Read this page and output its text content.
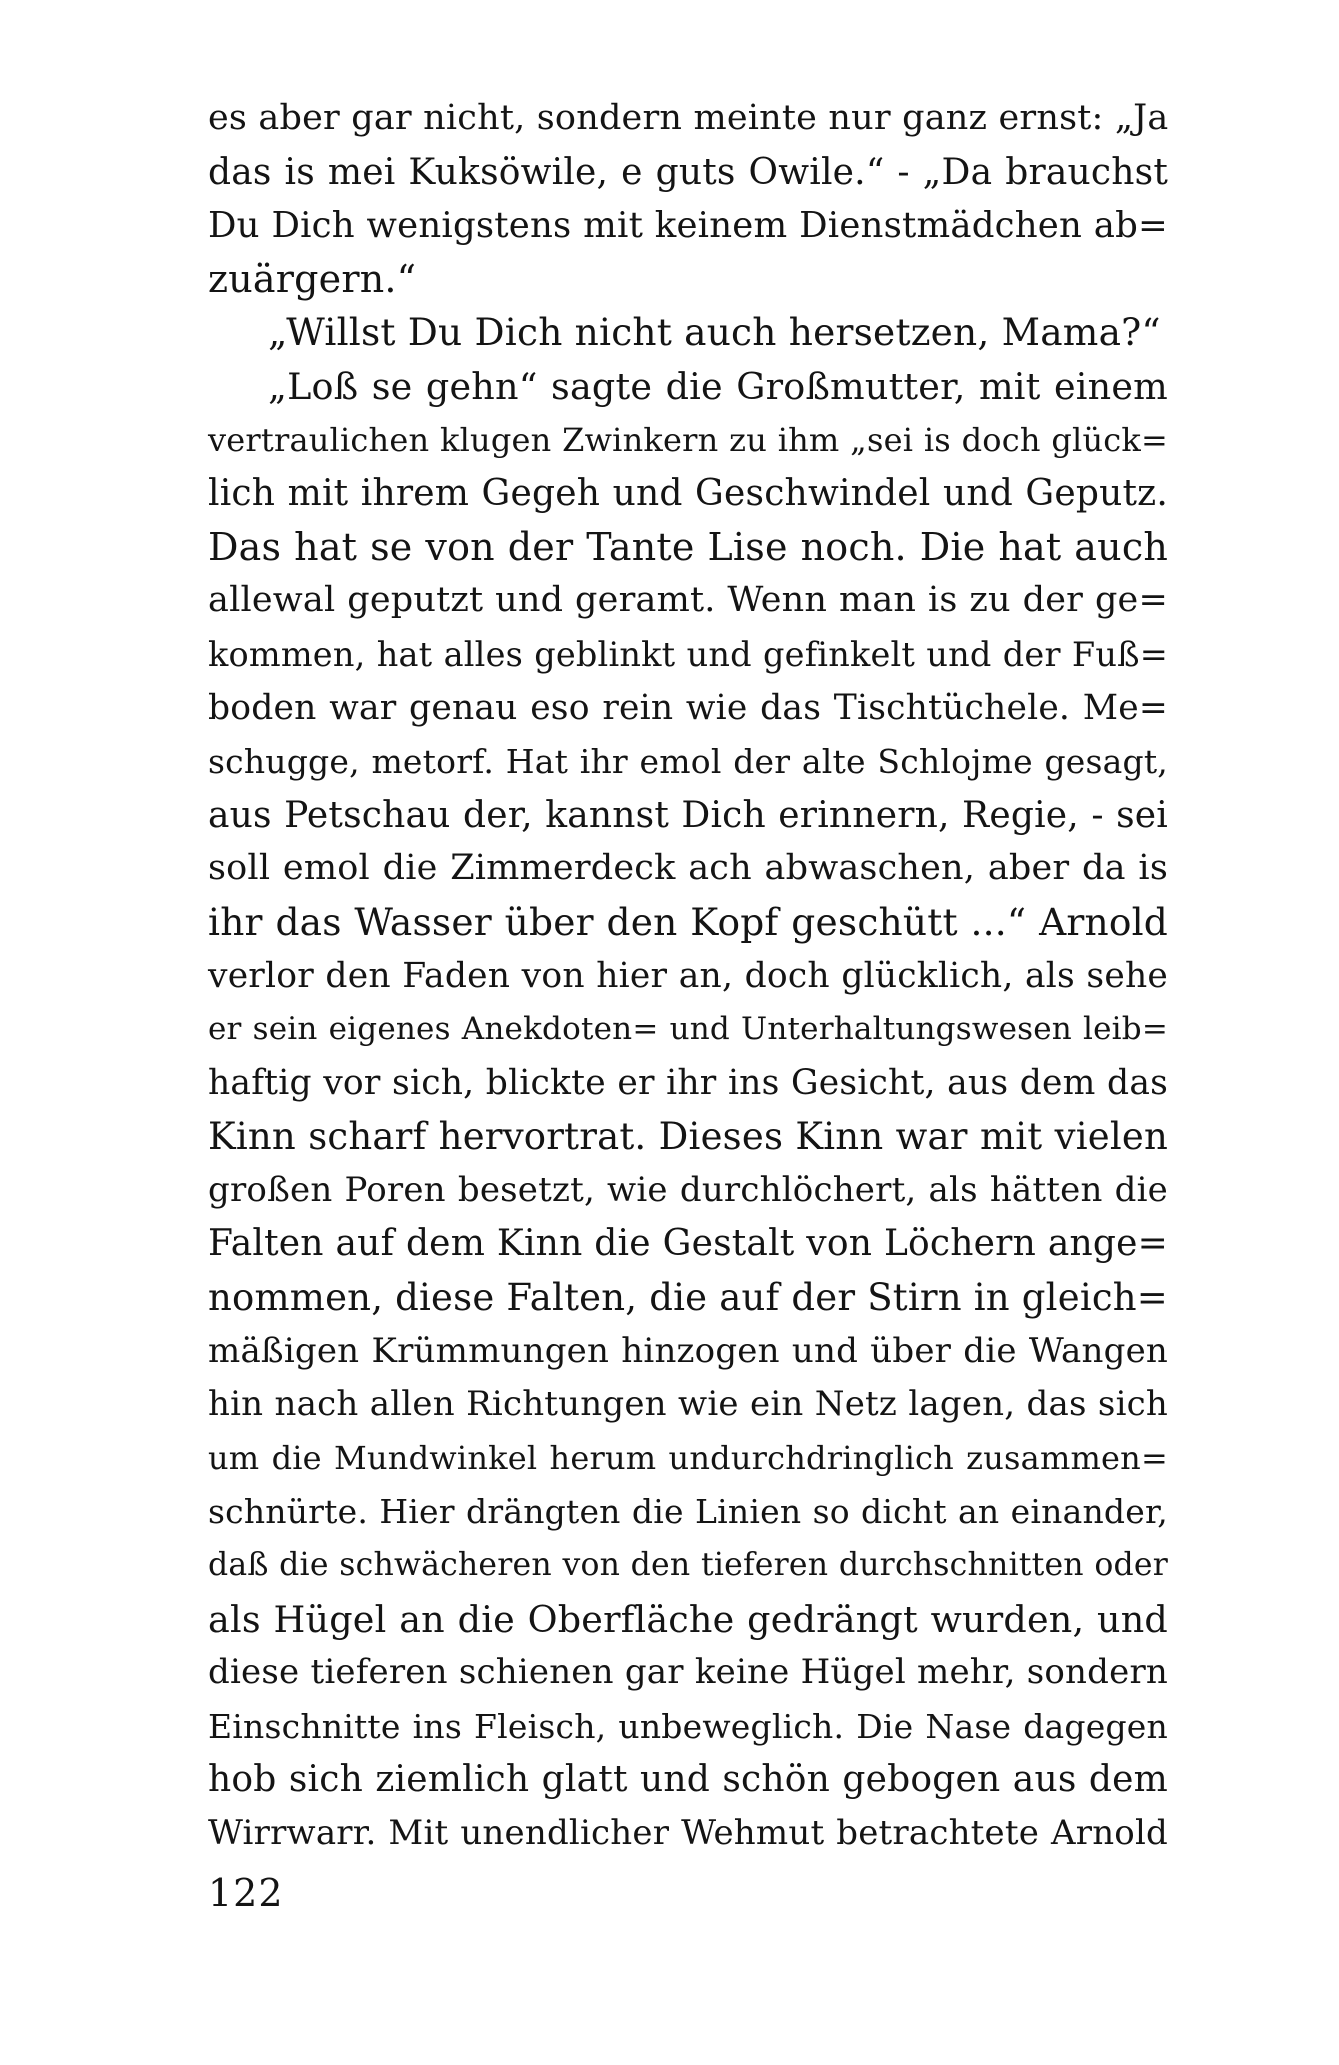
es aber gar nicht, sondern meinte nur ganz ernst: „Ja
das is mei Kuksöwile, e guts Owile.“ - „Da brauchst
Du Dich wenigstens mit keinem Dienstmädchen ab=
zuärgern.“
„Willst Du Dich nicht auch hersetzen, Mama?“
„Loß se gehn“ sagte die Großmutter, mit einem
vertraulichen klugen Zwinkern zu ihm „sei is doch glück=
lich mit ihrem Gegeh und Geschwindel und Geputz.
Das hat se von der Tante Lise noch. Die hat auch
allewal geputzt und geramt. Wenn man is zu der ge=
kommen, hat alles geblinkt und gefinkelt und der Fuß=
boden war genau eso rein wie das Tischtüchele. Me=
schugge, metorf. Hat ihr emol der alte Schlojme gesagt,
aus Petschau der, kannst Dich erinnern, Regie, - sei
soll emol die Zimmerdeck ach abwaschen, aber da is
ihr das Wasser über den Kopf geschütt ...“ Arnold
verlor den Faden von hier an, doch glücklich, als sehe
er sein eigenes Anekdoten= und Unterhaltungswesen leib=
haftig vor sich, blickte er ihr ins Gesicht, aus dem das
Kinn scharf hervortrat. Dieses Kinn war mit vielen
großen Poren besetzt, wie durchlöchert, als hätten die
Falten auf dem Kinn die Gestalt von Löchern ange=
nommen, diese Falten, die auf der Stirn in gleich=
mäßigen Krümmungen hinzogen und über die Wangen
hin nach allen Richtungen wie ein Netz lagen, das sich
um die Mundwinkel herum undurchdringlich zusammen=
schnürte. Hier drängten die Linien so dicht an einander,
daß die schwächeren von den tieferen durchschnitten oder
als Hügel an die Oberfläche gedrängt wurden, und
diese tieferen schienen gar keine Hügel mehr, sondern
Einschnitte ins Fleisch, unbeweglich. Die Nase dagegen
hob sich ziemlich glatt und schön gebogen aus dem
Wirrwarr. Mit unendlicher Wehmut betrachtete Arnold
122
